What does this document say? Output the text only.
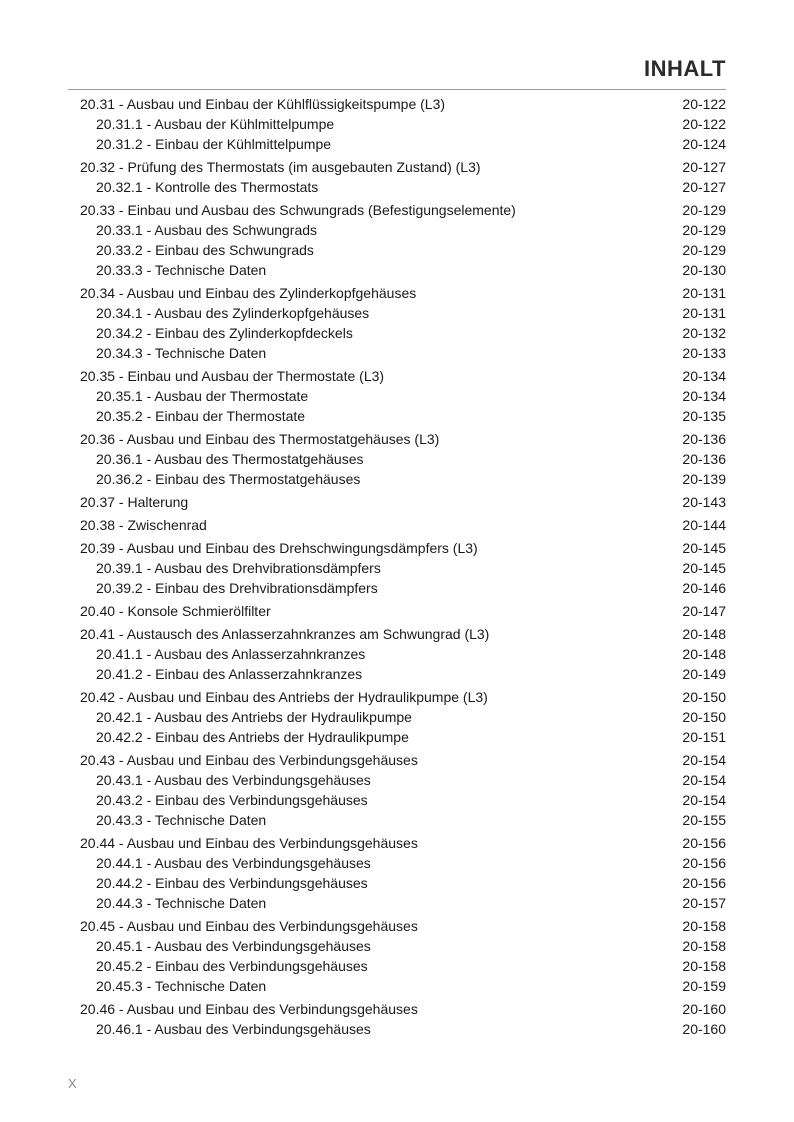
INHALT
20.31 - Ausbau und Einbau der Kühlflüssigkeitspumpe (L3)	20-122
20.31.1 - Ausbau der Kühlmittelpumpe	20-122
20.31.2 - Einbau der Kühlmittelpumpe	20-124
20.32 - Prüfung des Thermostats (im ausgebauten Zustand) (L3)	20-127
20.32.1 - Kontrolle des Thermostats	20-127
20.33 - Einbau und Ausbau des Schwungrads (Befestigungselemente)	20-129
20.33.1 - Ausbau des Schwungrads	20-129
20.33.2 - Einbau des Schwungrads	20-129
20.33.3 - Technische Daten	20-130
20.34 - Ausbau und Einbau des Zylinderkopfgehäuses	20-131
20.34.1 - Ausbau des Zylinderkopfgehäuses	20-131
20.34.2 - Einbau des Zylinderkopfdeckels	20-132
20.34.3 - Technische Daten	20-133
20.35 - Einbau und Ausbau der Thermostate (L3)	20-134
20.35.1 - Ausbau der Thermostate	20-134
20.35.2 - Einbau der Thermostate	20-135
20.36 - Ausbau und Einbau des Thermostatgehäuses (L3)	20-136
20.36.1 - Ausbau des Thermostatgehäuses	20-136
20.36.2 - Einbau des Thermostatgehäuses	20-139
20.37 - Halterung	20-143
20.38 - Zwischenrad	20-144
20.39 - Ausbau und Einbau des Drehschwingungsdämpfers (L3)	20-145
20.39.1 - Ausbau des Drehvibrationsdämpfers	20-145
20.39.2 - Einbau des Drehvibrationsdämpfers	20-146
20.40 - Konsole Schmierölfilter	20-147
20.41 - Austausch des Anlasserzahnkranzes am Schwungrad (L3)	20-148
20.41.1 - Ausbau des Anlasserzahnkranzes	20-148
20.41.2 - Einbau des Anlasserzahnkranzes	20-149
20.42 - Ausbau und Einbau des Antriebs der Hydraulikpumpe (L3)	20-150
20.42.1 - Ausbau des Antriebs der Hydraulikpumpe	20-150
20.42.2 - Einbau des Antriebs der Hydraulikpumpe	20-151
20.43 - Ausbau und Einbau des Verbindungsgehäuses	20-154
20.43.1 - Ausbau des Verbindungsgehäuses	20-154
20.43.2 - Einbau des Verbindungsgehäuses	20-154
20.43.3 - Technische Daten	20-155
20.44 - Ausbau und Einbau des Verbindungsgehäuses	20-156
20.44.1 - Ausbau des Verbindungsgehäuses	20-156
20.44.2 - Einbau des Verbindungsgehäuses	20-156
20.44.3 - Technische Daten	20-157
20.45 - Ausbau und Einbau des Verbindungsgehäuses	20-158
20.45.1 - Ausbau des Verbindungsgehäuses	20-158
20.45.2 - Einbau des Verbindungsgehäuses	20-158
20.45.3 - Technische Daten	20-159
20.46 - Ausbau und Einbau des Verbindungsgehäuses	20-160
20.46.1 - Ausbau des Verbindungsgehäuses	20-160
X
